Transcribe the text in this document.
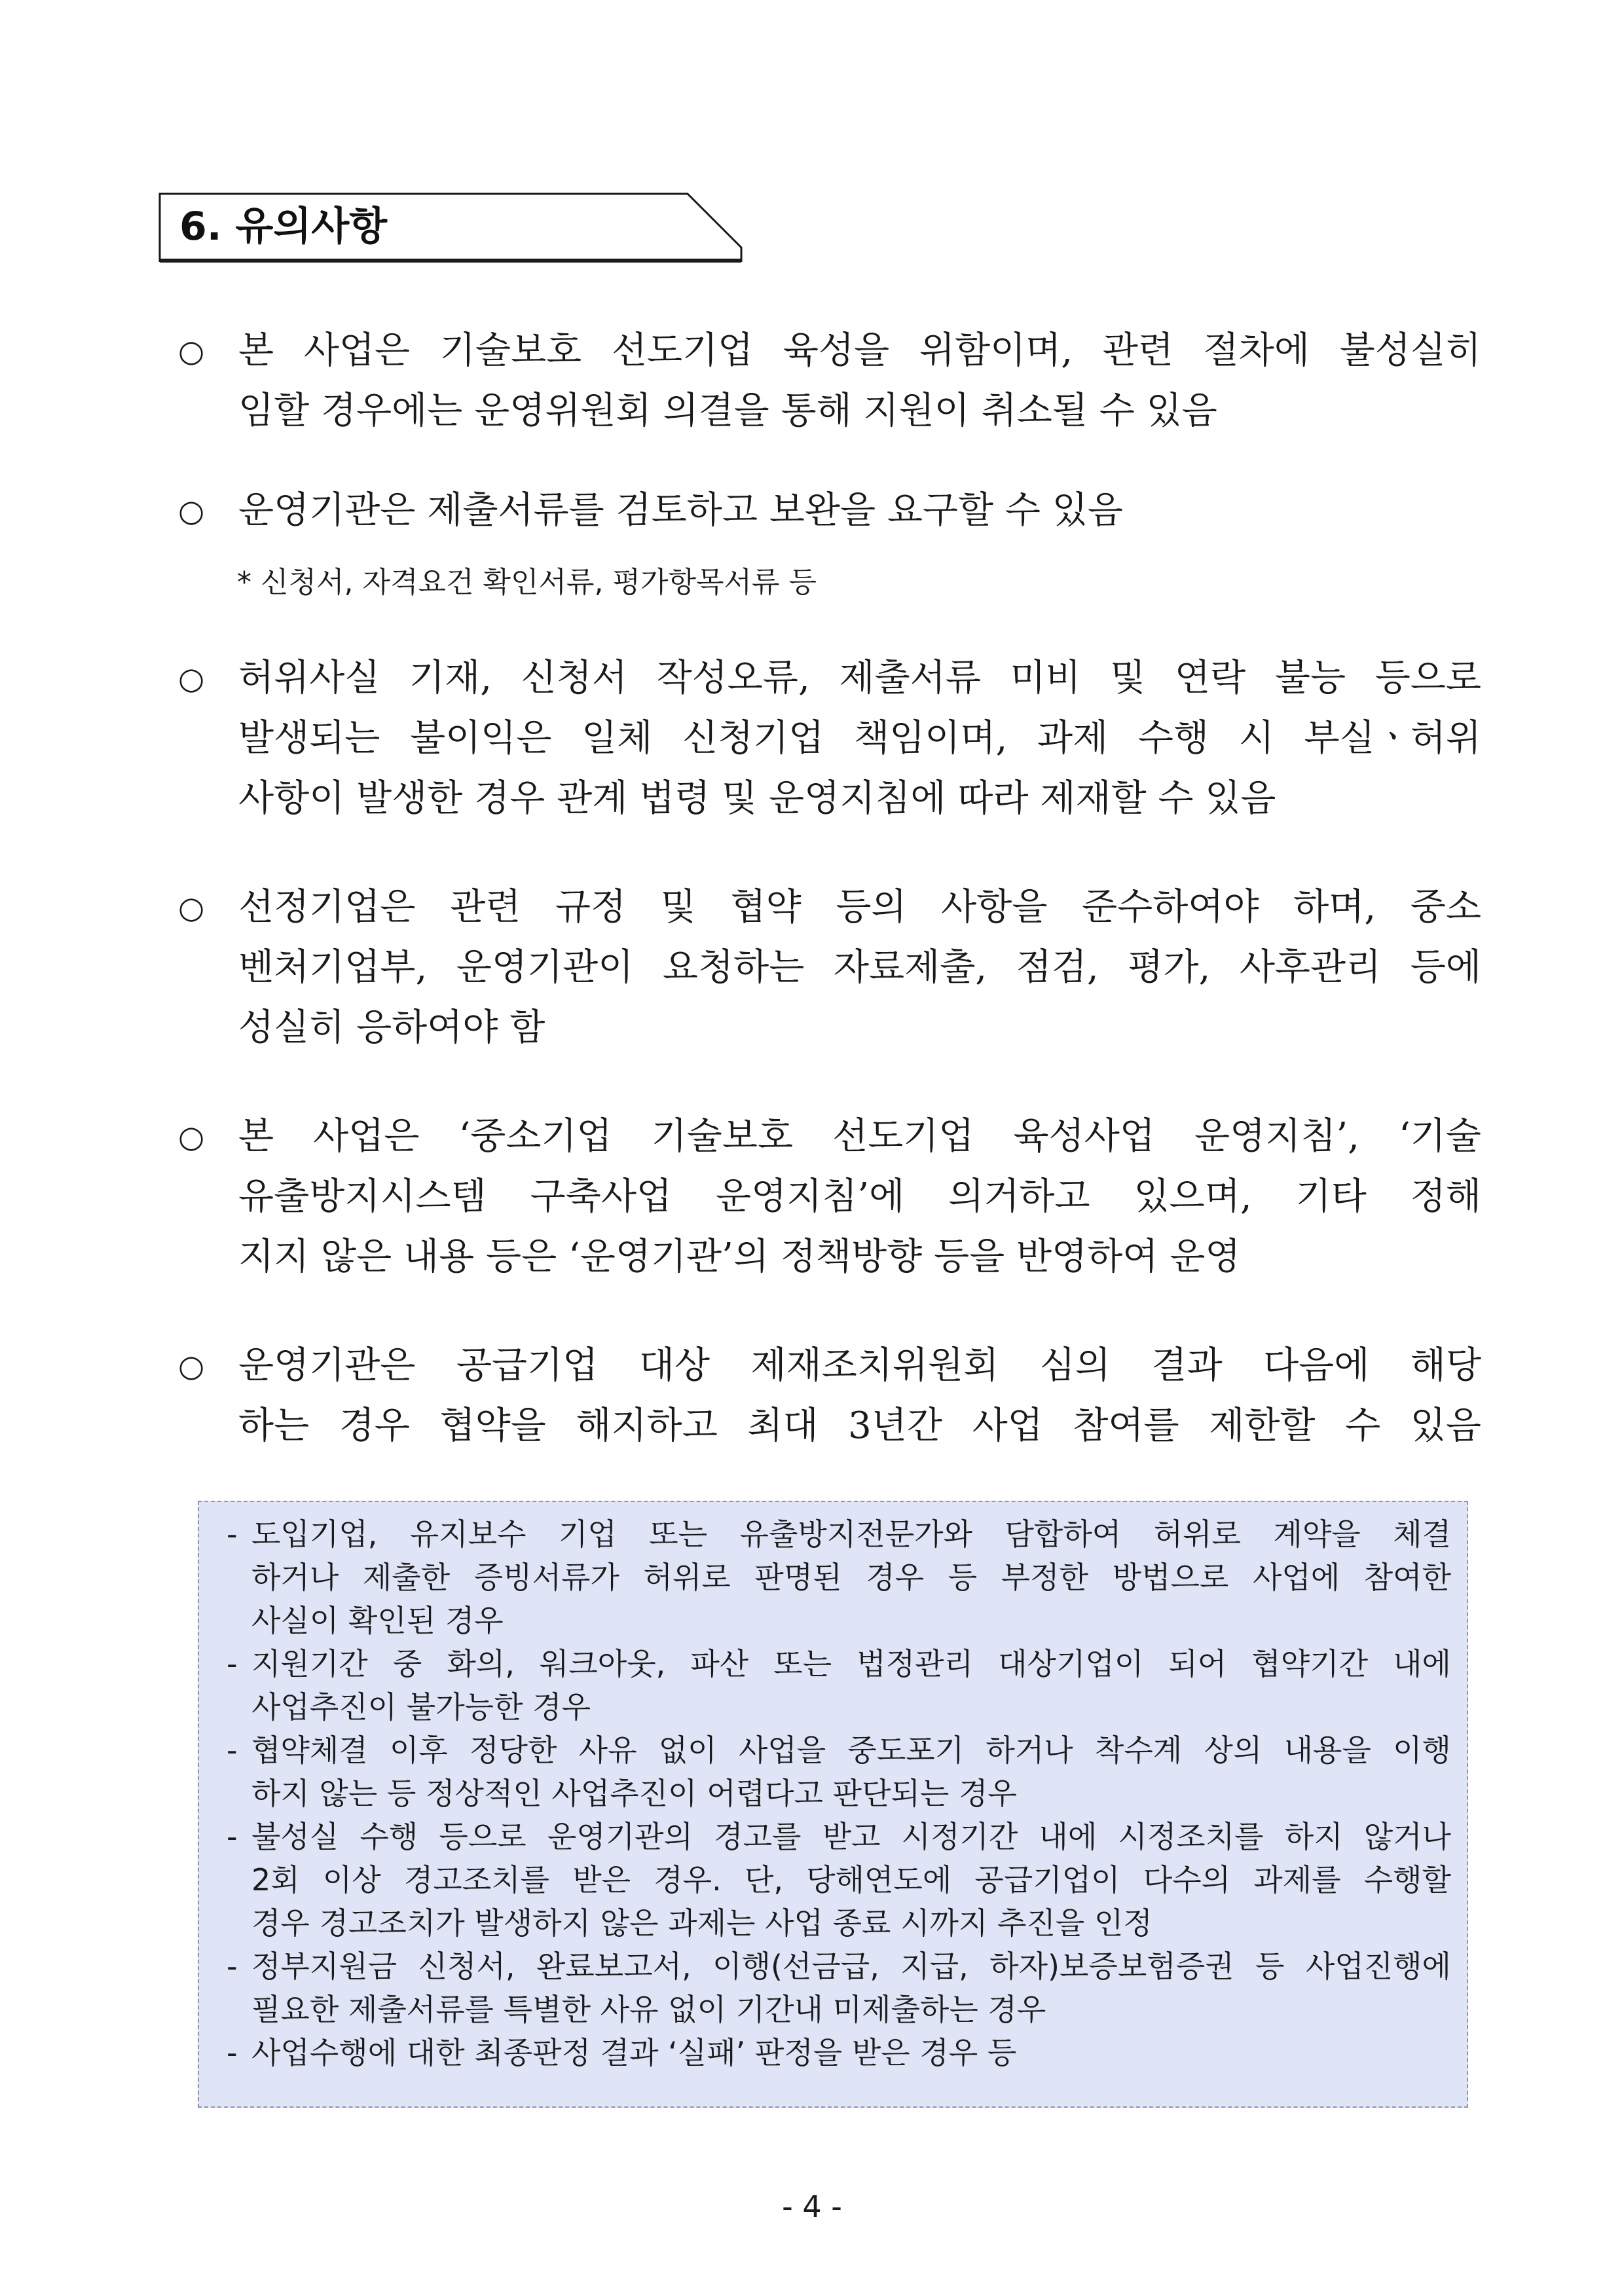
6. 유의사항
○ 본 사업은 기술보호 선도기업 육성을 위함이며, 관련 절차에 불성실히
임할 경우에는 운영위원회 의결을 통해 지원이 취소될 수 있음
○ 운영기관은 제출서류를 검토하고 보완을 요구할 수 있음
* 신청서, 자격요건 확인서류, 평가항목서류 등
○ 허위사실 기재, 신청서 작성오류, 제출서류 미비 및 연락 불능 등으로
발생되는 불이익은 일체 신청기업 책임이며, 과제 수행 시 부실ㆍ허위
사항이 발생한 경우 관계 법령 및 운영지침에 따라 제재할 수 있음
○ 선정기업은 관련 규정 및 협약 등의 사항을 준수하여야 하며, 중소
벤처기업부, 운영기관이 요청하는 자료제출, 점검, 평가, 사후관리 등에
성실히 응하여야 함
○ 본 사업은 ‘중소기업 기술보호 선도기업 육성사업 운영지침’, ‘기술
유출방지시스템 구축사업 운영지침’에 의거하고 있으며, 기타 정해
지지 않은 내용 등은 ‘운영기관’의 정책방향 등을 반영하여 운영
○ 운영기관은 공급기업 대상 제재조치위원회 심의 결과 다음에 해당
하는 경우 협약을 해지하고 최대 3년간 사업 참여를 제한할 수 있음
- 도입기업, 유지보수 기업 또는 유출방지전문가와 담합하여 허위로 계약을 체결
하거나 제출한 증빙서류가 허위로 판명된 경우 등 부정한 방법으로 사업에 참여한
사실이 확인된 경우
- 지원기간 중 화의, 워크아웃, 파산 또는 법정관리 대상기업이 되어 협약기간 내에
사업추진이 불가능한 경우
- 협약체결 이후 정당한 사유 없이 사업을 중도포기 하거나 착수계 상의 내용을 이행
하지 않는 등 정상적인 사업추진이 어렵다고 판단되는 경우
- 불성실 수행 등으로 운영기관의 경고를 받고 시정기간 내에 시정조치를 하지 않거나
2회 이상 경고조치를 받은 경우. 단, 당해연도에 공급기업이 다수의 과제를 수행할
경우 경고조치가 발생하지 않은 과제는 사업 종료 시까지 추진을 인정
- 정부지원금 신청서, 완료보고서, 이행(선금급, 지급, 하자)보증보험증권 등 사업진행에
필요한 제출서류를 특별한 사유 없이 기간내 미제출하는 경우
- 사업수행에 대한 최종판정 결과 ‘실패’ 판정을 받은 경우 등
- 4 -
